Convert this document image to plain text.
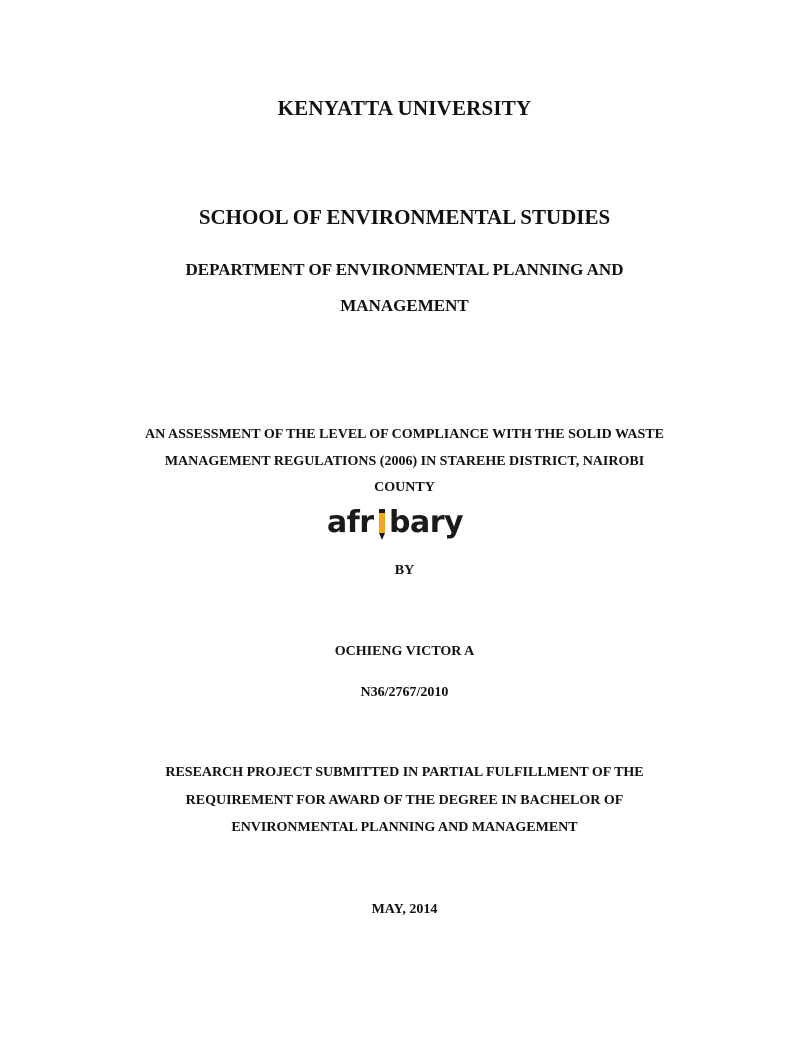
KENYATTA UNIVERSITY
SCHOOL OF ENVIRONMENTAL STUDIES
DEPARTMENT OF ENVIRONMENTAL PLANNING AND
MANAGEMENT
AN ASSESSMENT OF THE LEVEL OF COMPLIANCE WITH THE SOLID WASTE
MANAGEMENT REGULATIONS (2006) IN STAREHE DISTRICT, NAIROBI
COUNTY
afr bary
BY
OCHIENG VICTOR A
N36/2767/2010
RESEARCH PROJECT SUBMITTED IN PARTIAL FULFILLMENT OF THE
REQUIREMENT FOR AWARD OF THE DEGREE IN BACHELOR OF
ENVIRONMENTAL PLANNING AND MANAGEMENT
MAY, 2014
